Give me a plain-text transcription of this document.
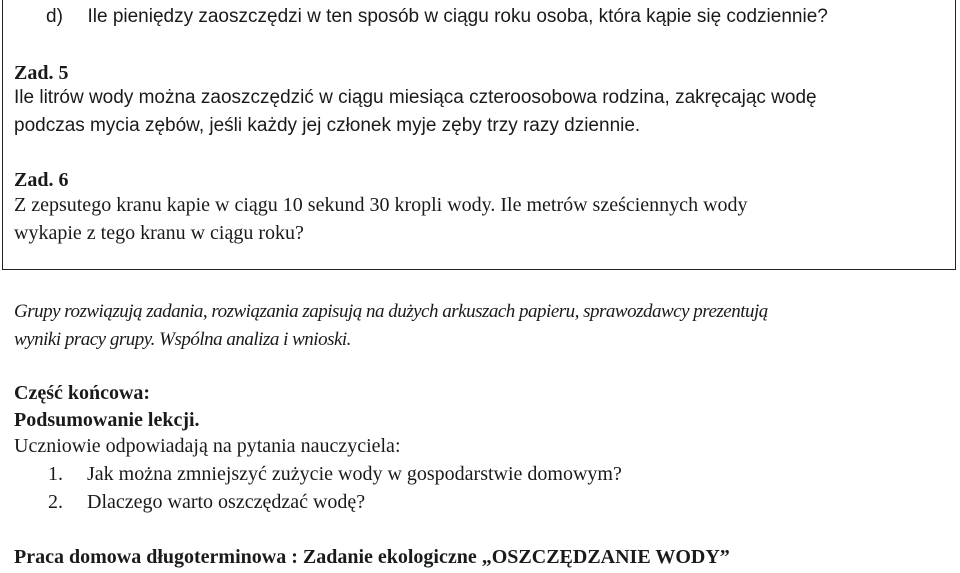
d) Ile pieniędzy zaoszczędzi w ten sposób w ciągu roku osoba, która kąpie się codziennie?
Zad. 5
Ile litrów wody można zaoszczędzić w ciągu miesiąca czteroosobowa rodzina, zakręcając wodę
podczas mycia zębów, jeśli każdy jej członek myje zęby trzy razy dziennie.
Zad. 6
Z zepsutego kranu kapie w ciągu 10 sekund 30 kropli wody. Ile metrów sześciennych wody
wykapie z tego kranu w ciągu roku?
Grupy rozwiązują zadania, rozwiązania zapisują na dużych arkuszach papieru, sprawozdawcy prezentują
wyniki pracy grupy. Wspólna analiza i wnioski.
Część końcowa:
Podsumowanie lekcji.
Uczniowie odpowiadają na pytania nauczyciela:
1. Jak można zmniejszyć zużycie wody w gospodarstwie domowym?
2. Dlaczego warto oszczędzać wodę?
Praca domowa długoterminowa : Zadanie ekologiczne „OSZCZĘDZANIE WODY”
